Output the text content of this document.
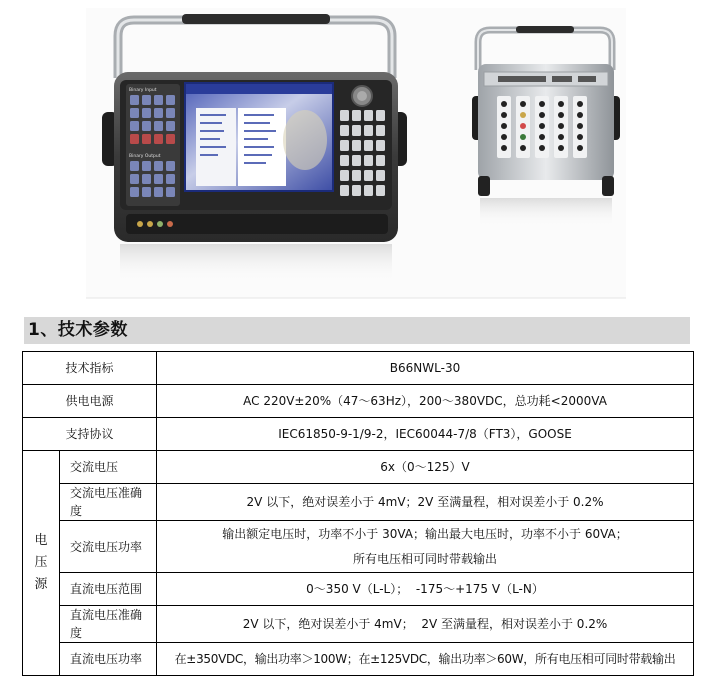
Binary Input
Binary Output
1、技术参数
技术指标		B66NWL-30
供电电源		AC 220V±20%（47～63Hz），200～380VDC，总功耗<2000VA
支持协议		IEC61850-9-1/9-2，IEC60044-7/8（FT3），GOOSE

电
压
源	交流电压	6x（0～125）V
	交流电压准确度	2V 以下，绝对误差小于 4mV；2V 至满量程，相对误差小于 0.2%
	交流电压功率	输出额定电压时，功率不小于 30VA；输出最大电压时，功率不小于 60VA；
所有电压相可同时带载输出

	直流电压范围	0～350 V（L-L）；  -175～+175 V（L-N）
	直流电压准确度	2V 以下，绝对误差小于 4mV；  2V 至满量程，相对误差小于 0.2%
	直流电压功率	在±350VDC，输出功率＞100W；在±125VDC，输出功率＞60W，所有电压相可同时带载输出
